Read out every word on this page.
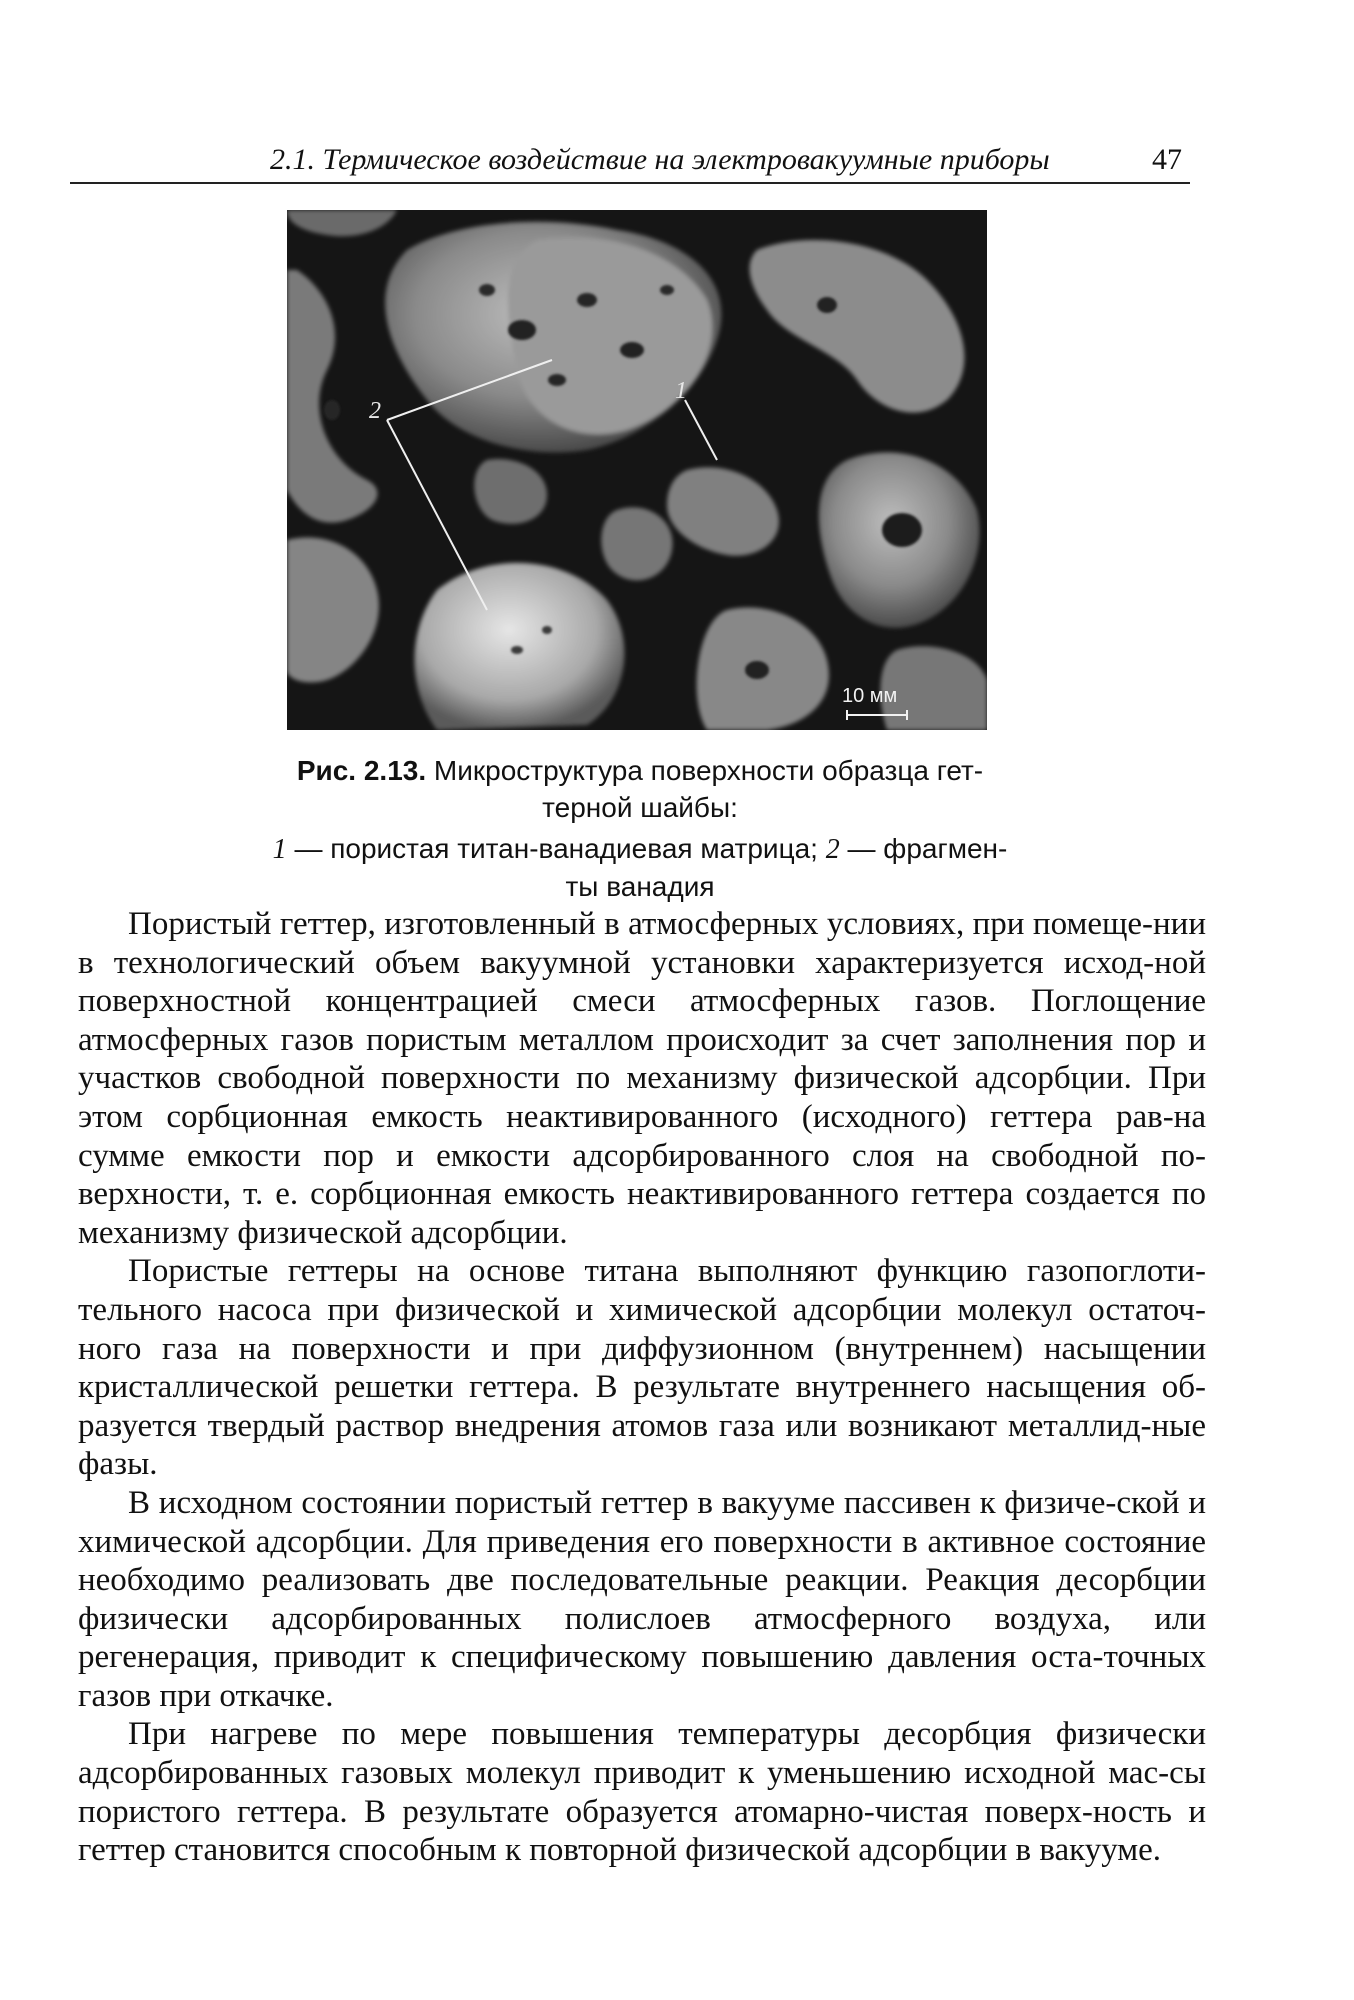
2.1. Термическое воздействие на электровакуумные приборы	47
2
1
10 мм
Рис. 2.13. Микроструктура поверхности образца гет-терной шайбы:
1 — пористая титан-ванадиевая матрица; 2 — фрагмен-ты ванадия

Пористый геттер, изготовленный в атмосферных условиях, при помеще-нии в технологический объем вакуумной установки характеризуется исход-ной поверхностной концентрацией смеси атмосферных газов. Поглощение атмосферных газов пористым металлом происходит за счет заполнения пор и участков свободной поверхности по механизму физической адсорбции. При этом сорбционная емкость неактивированного (исходного) геттера рав-на сумме емкости пор и емкости адсорбированного слоя на свободной по-верхности, т. е. сорбционная емкость неактивированного геттера создается по механизму физической адсорбции.

Пористые геттеры на основе титана выполняют функцию газопоглоти-тельного насоса при физической и химической адсорбции молекул остаточ-ного газа на поверхности и при диффузионном (внутреннем) насыщении кристаллической решетки геттера. В результате внутреннего насыщения об-разуется твердый раствор внедрения атомов газа или возникают металлид-ные фазы.

В исходном состоянии пористый геттер в вакууме пассивен к физиче-ской и химической адсорбции. Для приведения его поверхности в активное состояние необходимо реализовать две последовательные реакции. Реакция десорбции физически адсорбированных полислоев атмосферного воздуха, или регенерация, приводит к специфическому повышению давления оста-точных газов при откачке.

При нагреве по мере повышения температуры десорбция физически адсорбированных газовых молекул приводит к уменьшению исходной мас-сы пористого геттера. В результате образуется атомарно-чистая поверх-ность и геттер становится способным к повторной физической адсорбции в вакууме.
